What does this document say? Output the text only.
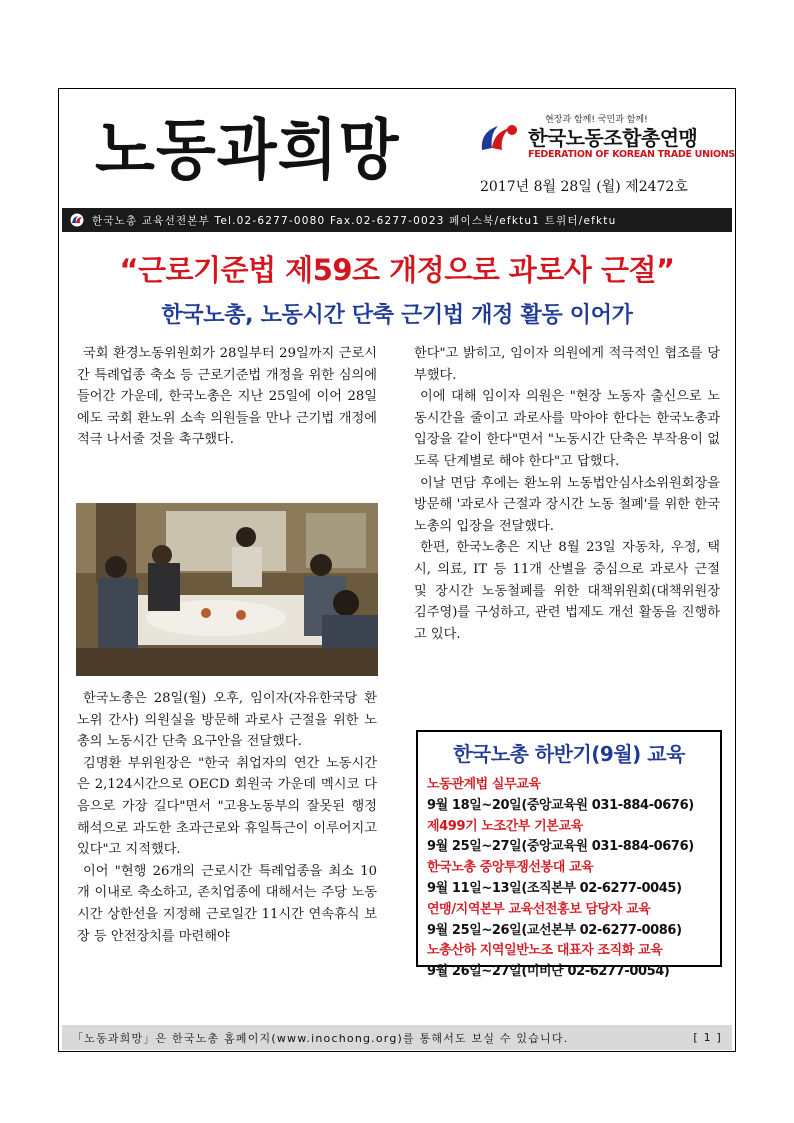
노동과희망	현장과 함께! 국민과 함께!
한국노동조합총연맹
FEDERATION OF KOREAN TRADE UNIONS
2017년 8월 28일 (월) 제2472호
한국노총 교육선전본부 Tel.02-6277-0080 Fax.02-6277-0023 페이스북/efktu1 트위터/efktu
“근로기준법 제59조 개정으로 과로사 근절”
한국노총, 노동시간 단축 근기법 개정 활동 이어가

국회 환경노동위원회가 28일부터 29일까지 근로시간 특례업종 축소 등 근로기준법 개정을 위한 심의에 들어간 가운데, 한국노총은 지난 25일에 이어 28일에도 국회 환노위 소속 의원들을 만나 근기법 개정에 적극 나서줄 것을 촉구했다.

한국노총은 28일(월) 오후, 임이자(자유한국당 환노위 간사) 의원실을 방문해 과로사 근절을 위한 노총의 노동시간 단축 요구안을 전달했다.

김명환 부위원장은 "한국 취업자의 연간 노동시간은 2,124시간으로 OECD 회원국 가운데 멕시코 다음으로 가장 길다"면서 "고용노동부의 잘못된 행정해석으로 과도한 초과근로와 휴일특근이 이루어지고 있다"고 지적했다.

이어 "현행 26개의 근로시간 특례업종을 최소 10개 이내로 축소하고, 존치업종에 대해서는 주당 노동시간 상한선을 지정해 근로일간 11시간 연속휴식 보장 등 안전장치를 마련해야

한다"고 밝히고, 임이자 의원에게 적극적인 협조를 당부했다.

이에 대해 임이자 의원은 "현장 노동자 출신으로 노동시간을 줄이고 과로사를 막아야 한다는 한국노총과 입장을 같이 한다"면서 "노동시간 단축은 부작용이 없도록 단계별로 해야 한다"고 답했다.

이날 면담 후에는 환노위 노동법안심사소위원회장을 방문해 '과로사 근절과 장시간 노동 철폐'를 위한 한국노총의 입장을 전달했다.

한편, 한국노총은 지난 8월 23일 자동차, 우정, 택시, 의료, IT 등 11개 산별을 중심으로 과로사 근절 및 장시간 노동철폐를 위한 대책위원회(대책위원장 김주영)를 구성하고, 관련 법제도 개선 활동을 진행하고 있다.

한국노총 하반기(9월) 교육
노동관계법 실무교육
9월 18일~20일(중앙교육원 031-884-0676)
제499기 노조간부 기본교육
9월 25일~27일(중앙교육원 031-884-0676)
한국노총 중앙투쟁선봉대 교육
9월 11일~13일(조직본부 02-6277-0045)
연맹/지역본부 교육선전홍보 담당자 교육
9월 25일~26일(교선본부 02-6277-0086)
노총산하 지역일반노조 대표자 조직화 교육
9월 26일~27일(미비단 02-6277-0054)
「노동과희망」은 한국노총 홈페이지(www.inochong.org)를 통해서도 보실 수 있습니다.	[ 1 ]
